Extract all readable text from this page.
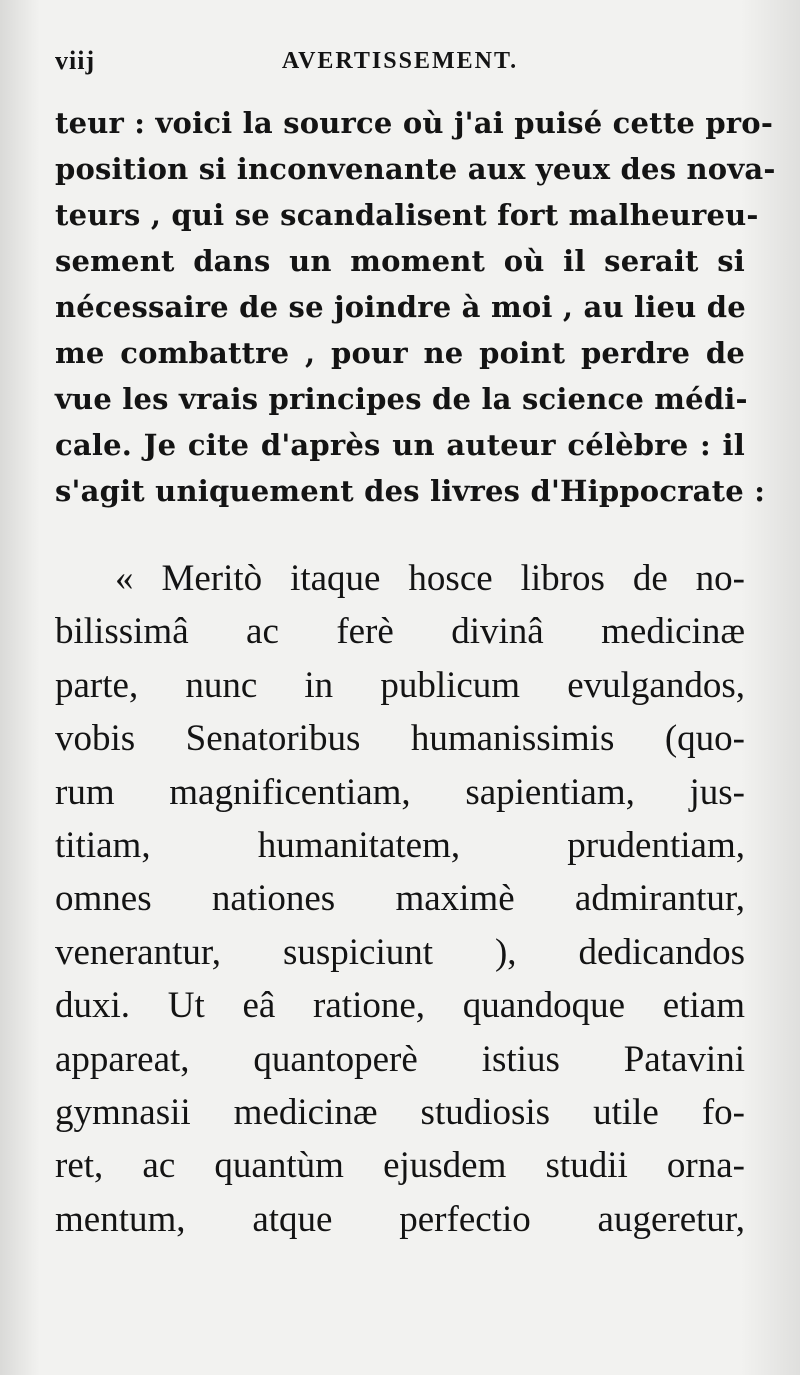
viij	AVERTISSEMENT.
teur : voici la source où j'ai puisé cette pro-
position si inconvenante aux yeux des nova-
teurs , qui se scandalisent fort malheureu-
sement dans un moment où il serait si
nécessaire de se joindre à moi , au lieu de
me combattre , pour ne point perdre de
vue les vrais principes de la science médi-
cale. Je cite d'après un auteur célèbre : il
s'agit uniquement des livres d'Hippocrate :
« Meritò itaque hosce libros de no-
bilissimâ ac ferè divinâ medicinæ
parte, nunc in publicum evulgandos,
vobis Senatoribus humanissimis (quo-
rum magnificentiam, sapientiam, jus-
titiam, humanitatem, prudentiam,
omnes nationes maximè admirantur,
venerantur, suspiciunt ), dedicandos
duxi. Ut eâ ratione, quandoque etiam
appareat, quantoperè istius Patavini
gymnasii medicinæ studiosis utile fo-
ret, ac quantùm ejusdem studii orna-
mentum, atque perfectio augeretur,
